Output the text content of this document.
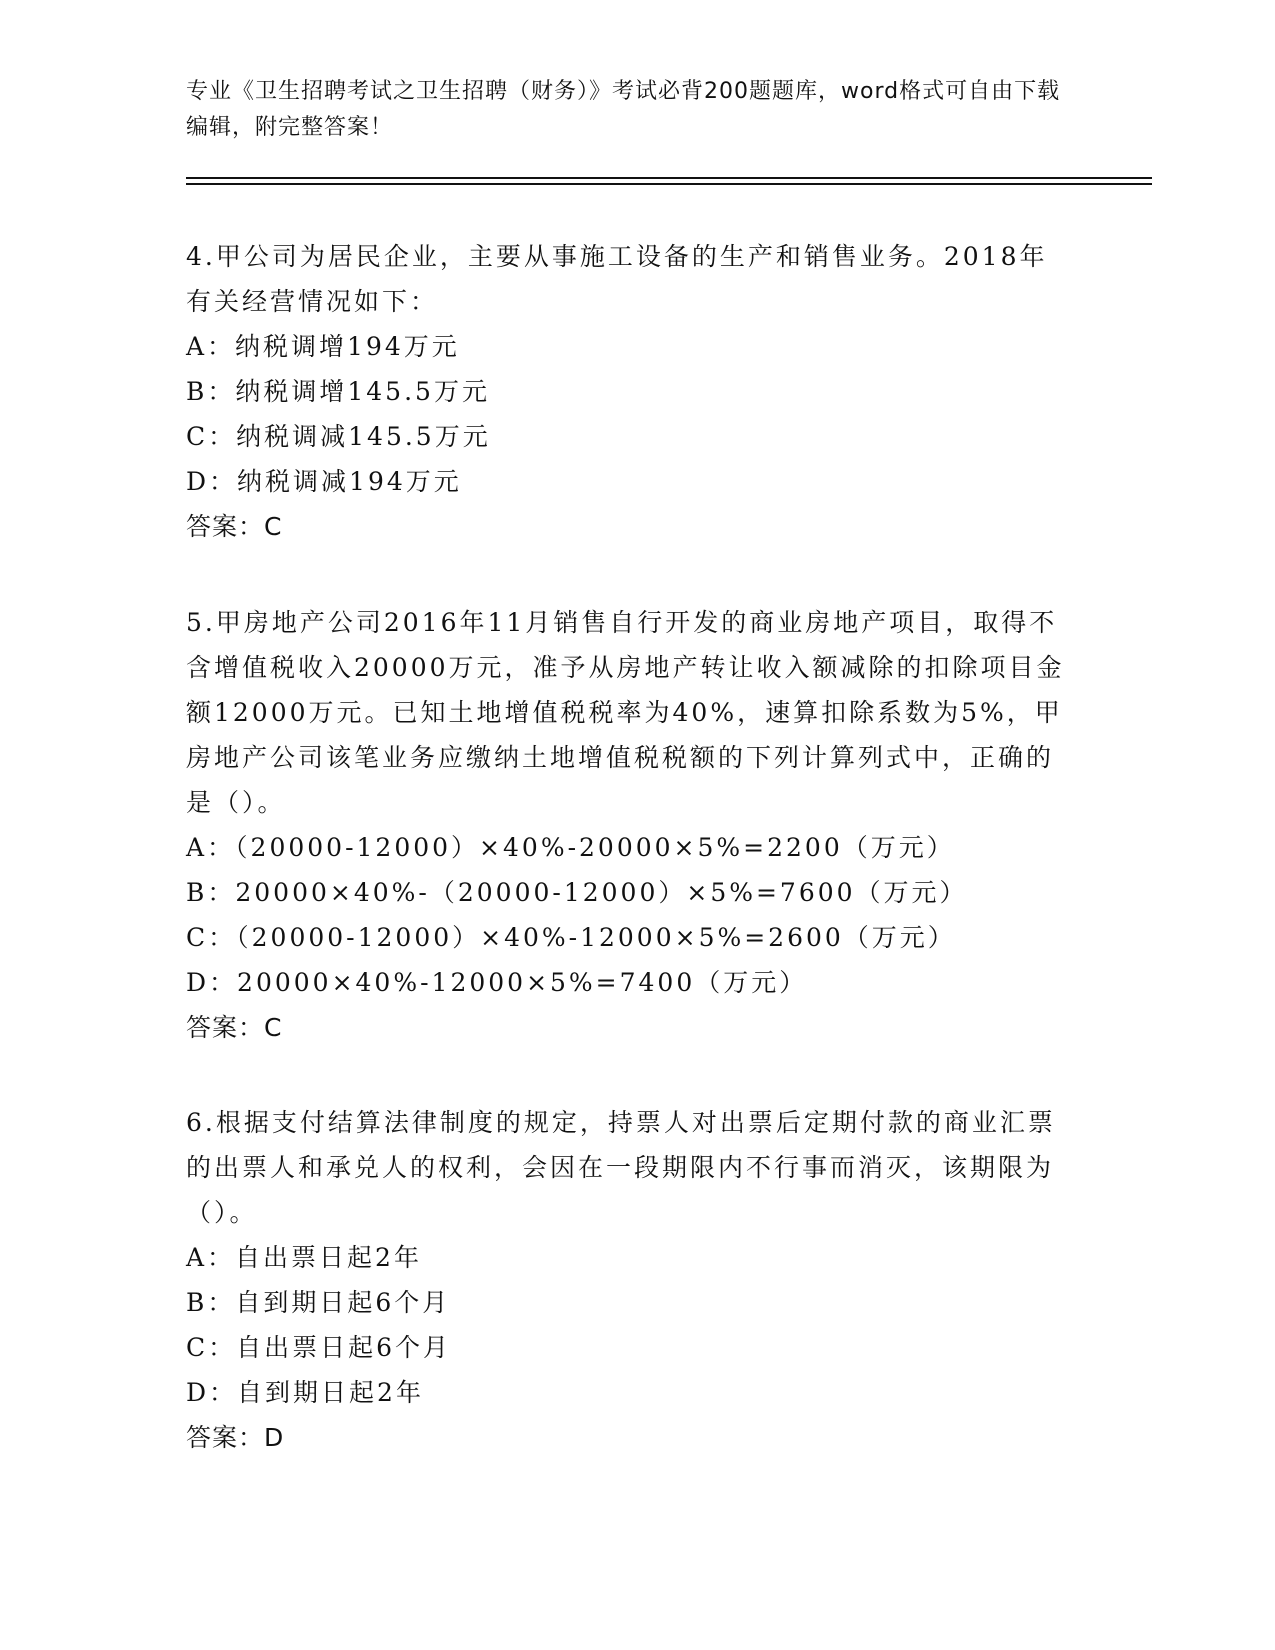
专业《卫生招聘考试之卫生招聘（财务）》考试必背200题题库，word格式可自由下载编辑，附完整答案！
4.甲公司为居民企业，主要从事施工设备的生产和销售业务。2018年有关经营情况如下：
A：纳税调增194万元
B：纳税调增145.5万元
C：纳税调减145.5万元
D：纳税调减194万元
答案：C
5.甲房地产公司2016年11月销售自行开发的商业房地产项目，取得不含增值税收入20000万元，准予从房地产转让收入额减除的扣除项目金额12000万元。已知土地增值税税率为40%，速算扣除系数为5%，甲房地产公司该笔业务应缴纳土地增值税税额的下列计算列式中，正确的是（）。
A：（20000-12000）×40%-20000×5%=2200（万元）
B：20000×40%-（20000-12000）×5%=7600（万元）
C：（20000-12000）×40%-12000×5%=2600（万元）
D：20000×40%-12000×5%=7400（万元）
答案：C
6.根据支付结算法律制度的规定，持票人对出票后定期付款的商业汇票的出票人和承兑人的权利，会因在一段期限内不行事而消灭，该期限为（）。
A：自出票日起2年
B：自到期日起6个月
C：自出票日起6个月
D：自到期日起2年
答案：D
